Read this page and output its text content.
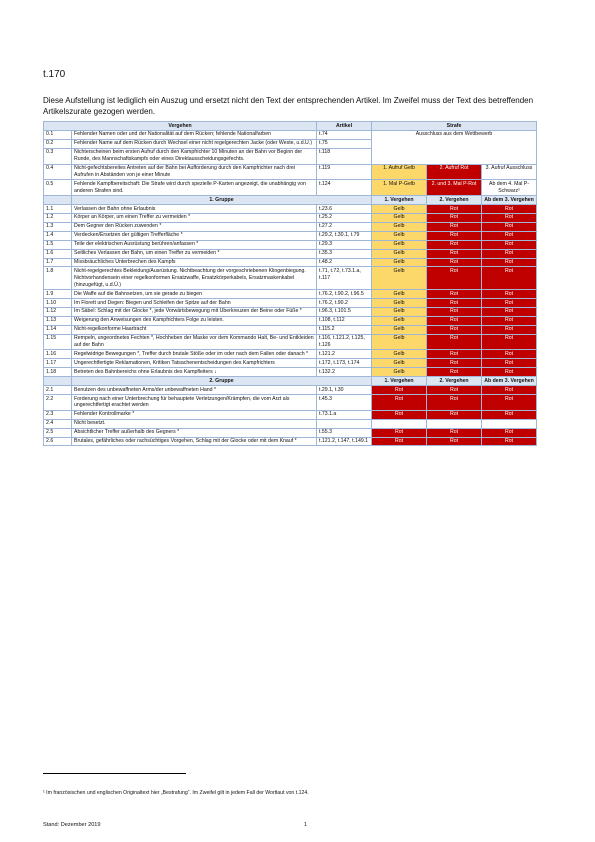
t.170
Diese Aufstellung ist lediglich ein Auszug und ersetzt nicht den Text der entsprechenden Artikel. Im Zweifel muss der Text des betreffenden Artikelszurate gezogen werden.
Vergehen		Artikel	Strafe		
0.1	Fehlender Namen oder und der Nationalität auf dem Rücken; fehlende Nationalfarben	t.74	Ausschluss aus dem Wettbewerb		
0.2	Fehlender Name auf dem Rücken durch Wechsel einer nicht regelgerechten Jacke (oder Weste, u.d.Ü.)	t.75			
0.3	Nichterscheinen beim ersten Aufruf durch den Kampfrichter 10 Minuten an der Bahn vor Beginn der Runde, des Mannschaftskampfs oder eines Direktausscheidungsgefechts.	t.118			
0.4	Nicht-gefechtsbereites Antreten auf der Bahn bei Aufforderung durch den Kampfrichter nach drei Aufrufen in Abständen von je einer Minute	t.119	1. Aufruf Gelb	2. Aufruf Rot	3. Aufruf Ausschluss
0.5	Fehlende Kampfbereitschaft: Die Strafe wird durch spezielle P-Karten angezeigt, die unabhängig von anderen Strafen sind.	t.124	1. Mal P-Gelb	2. und 3. Mal P-Rot	Ab dem 4. Mal P-Schwarz¹
	1. Gruppe		1. Vergehen	2. Vergehen	Ab dem 3. Vergehen
1.1	Verlassen der Bahn ohne Erlaubnis	t.23.6	Gelb	Rot	Rot
1.2	Körper an Körper, um einen Treffer zu vermeiden *	t.25.2	Gelb	Rot	Rot
1.3	Dem Gegner den Rücken zuwenden *	t.27.2	Gelb	Rot	Rot
1.4	Verdecken/Ersetzen der gültigen Trefferfläche *	t.29.2, t.30.1, t.79	Gelb	Rot	Rot
1.5	Teile der elektrischen Ausrüstung berühren/anfassen *	t.29.3	Gelb	Rot	Rot
1.6	Seitliches Verlassen der Bahn, um einen Treffer zu vermeiden *	t.35.3	Gelb	Rot	Rot
1.7	Missbräuchliches Unterbrechen des Kampfs	t.48.2	Gelb	Rot	Rot
1.8	Nicht-regelgerechtes Bekleidung/Ausrüstung. Nichtbeachtung der vorgeschriebenen Klingenbiegung. Nichtvorhandensein einer regelkonformen Ersatzwaffe, Ersatzkörperkabels, Ersatzmaskenkabel (hinzugefügt, u.d.Ü.)	t.71, t.72, t.73.1.a, t.117	Gelb	Rot	Rot
1.9	Die Waffe auf die Bahnsetzen, um sie gerade zu biegen	t.76.2, t.90.2, t.96.5	Gelb	Rot	Rot
1.10	Im Florett und Degen: Biegen und Schleifen der Spitze auf der Bahn	t.76.2, t.90.2	Gelb	Rot	Rot
1.12	Im Säbel: Schlag mit der Glocke *, jede Vorwärtsbewegung mit Überkreuzen der Beine oder Füße *	t.96.3, t.101.5	Gelb	Rot	Rot
1.13	Weigerung den Anweisungen des Kampfrichters Folge zu leisten.	t.108, t.112	Gelb	Rot	Rot
1.14	Nicht-regelkonforme Haartracht	t.115.2	Gelb	Rot	Rot
1.15	Rempeln, ungeordnetes Fechten *, Hochheben der Maske vor dem Kommando Halt, Be- und Entkleiden auf der Bahn	t.116, t.121.2, t.125, t.126	Gelb	Rot	Rot
1.16	Regelwidrige Bewegungen *, Treffer durch brutale Stöße oder im oder nach dem Fallen oder danach *	t.121.2	Gelb	Rot	Rot
1.17	Ungerechtfertigte Reklamationen, Kritiken Tatsachenentscheidungen des Kampfrichters	t.172, t.173, t.174	Gelb	Rot	Rot
1.18	Betreten des Bahnbereichs ohne Erlaubnis des Kampfleiters ↓	t.132.2	Gelb	Rot	Rot
	2. Gruppe		1. Vergehen	2. Vergehen	Ab dem 3. Vergehen
2.1	Benutzen des unbewaffneten Arms/der unbewaffneten Hand *	t.29.1, t.30	Rot	Rot	Rot
2.2	Forderung nach einer Unterbrechung für behauptete Verletzungen/Krämpfen, die vom Arzt als ungerechtfertigt erachtet werden	t.45.3	Rot	Rot	Rot
2.3	Fehlender Kontrollmarke *	t.73.1.a	Rot	Rot	Rot
2.4	Nicht besetzt.				
2.5	Absichtlicher Treffer außerhalb des Gegners *	t.55.3	Rot	Rot	Rot
2.6	Brutales, gefährliches oder rachsüchtiges Vorgehen, Schlag mit der Glocke oder mit dem Knauf *	t.121.2, t.147, t.149.1	Rot	Rot	Rot
¹ Im französischen und englischen Originaltext hier „Bestrafung“. Im Zweifel gilt in jedem Fall der Wortlaut von t.124.
Stand: Dezember 2019	1
